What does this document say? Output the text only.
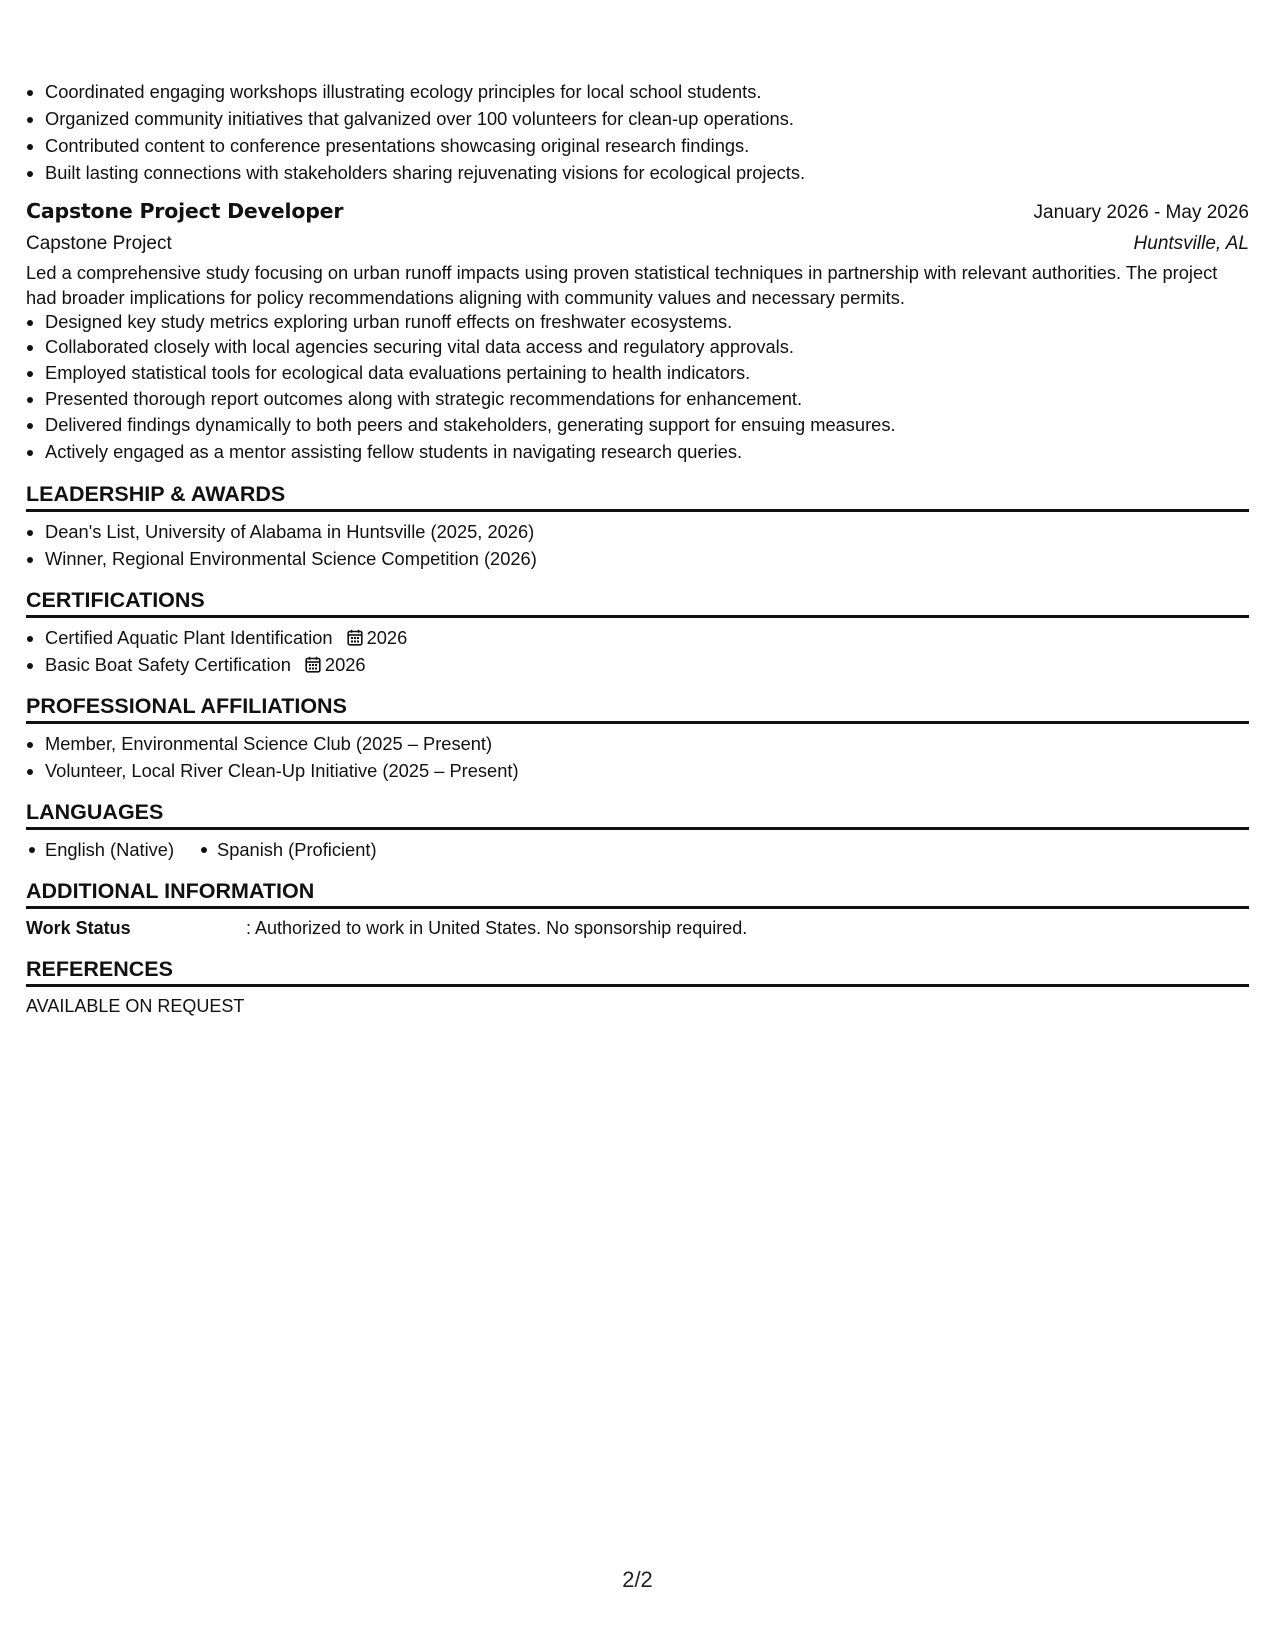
• Coordinated engaging workshops illustrating ecology principles for local school students.
• Organized community initiatives that galvanized over 100 volunteers for clean-up operations.
• Contributed content to conference presentations showcasing original research findings.
• Built lasting connections with stakeholders sharing rejuvenating visions for ecological projects.
Capstone Project Developer	January 2026 - May 2026
Capstone Project	Huntsville, AL

Led a comprehensive study focusing on urban runoff impacts using proven statistical techniques in partnership with relevant authorities. The project had broader implications for policy recommendations aligning with community values and necessary permits.

• Designed key study metrics exploring urban runoff effects on freshwater ecosystems.
• Collaborated closely with local agencies securing vital data access and regulatory approvals.
• Employed statistical tools for ecological data evaluations pertaining to health indicators.
• Presented thorough report outcomes along with strategic recommendations for enhancement.
• Delivered findings dynamically to both peers and stakeholders, generating support for ensuing measures.
• Actively engaged as a mentor assisting fellow students in navigating research queries.
LEADERSHIP & AWARDS
• Dean's List, University of Alabama in Huntsville (2025, 2026)
• Winner, Regional Environmental Science Competition (2026)
CERTIFICATIONS
• Certified Aquatic Plant Identification 2026
• Basic Boat Safety Certification 2026
PROFESSIONAL AFFILIATIONS
• Member, Environmental Science Club (2025 – Present)
• Volunteer, Local River Clean-Up Initiative (2025 – Present)
LANGUAGES
English (Native)	Spanish (Proficient)
ADDITIONAL INFORMATION
Work Status	: Authorized to work in United States. No sponsorship required.
REFERENCES
AVAILABLE ON REQUEST
2/2
